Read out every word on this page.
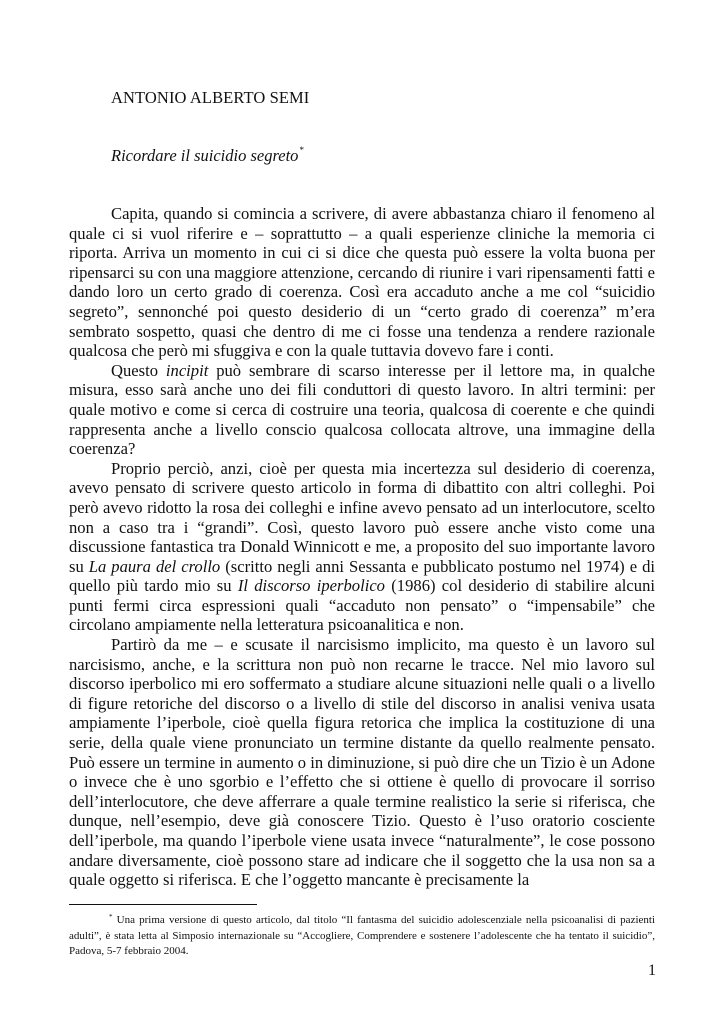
ANTONIO ALBERTO SEMI
Ricordare il suicidio segreto*

Capita, quando si comincia a scrivere, di avere abbastanza chiaro il fenomeno al quale ci si vuol riferire e – soprattutto – a quali esperienze cliniche la memoria ci riporta. Arriva un momento in cui ci si dice che questa può essere la volta buona per ripensarci su con una maggiore attenzione, cercando di riunire i vari ripensamenti fatti e dando loro un certo grado di coerenza. Così era accaduto anche a me col “suicidio segreto”, sennonché poi questo desiderio di un “certo grado di coerenza” m’era sembrato sospetto, quasi che dentro di me ci fosse una tendenza a rendere razionale qualcosa che però mi sfuggiva e con la quale tuttavia dovevo fare i conti.

Questo incipit può sembrare di scarso interesse per il lettore ma, in qualche misura, esso sarà anche uno dei fili conduttori di questo lavoro. In altri termini: per quale motivo e come si cerca di costruire una teoria, qualcosa di coerente e che quindi rappresenta anche a livello conscio qualcosa collocata altrove, una immagine della coerenza?

Proprio perciò, anzi, cioè per questa mia incertezza sul desiderio di coerenza, avevo pensato di scrivere questo articolo in forma di dibattito con altri colleghi. Poi però avevo ridotto la rosa dei colleghi e infine avevo pensato ad un interlocutore, scelto non a caso tra i “grandi”. Così, questo lavoro può essere anche visto come una discussione fantastica tra Donald Winnicott e me, a proposito del suo importante lavoro su La paura del crollo (scritto negli anni Sessanta e pubblicato postumo nel 1974) e di quello più tardo mio su Il discorso iperbolico (1986) col desiderio di stabilire alcuni punti fermi circa espressioni quali “accaduto non pensato” o “impensabile” che circolano ampiamente nella letteratura psicoanalitica e non.

Partirò da me – e scusate il narcisismo implicito, ma questo è un lavoro sul narcisismo, anche, e la scrittura non può non recarne le tracce. Nel mio lavoro sul discorso iperbolico mi ero soffermato a studiare alcune situazioni nelle quali o a livello di figure retoriche del discorso o a livello di stile del discorso in analisi veniva usata ampiamente l’iperbole, cioè quella figura retorica che implica la costituzione di una serie, della quale viene pronunciato un termine distante da quello realmente pensato. Può essere un termine in aumento o in diminuzione, si può dire che un Tizio è un Adone o invece che è uno sgorbio e l’effetto che si ottiene è quello di provocare il sorriso dell’interlocutore, che deve afferrare a quale termine realistico la serie si riferisca, che dunque, nell’esempio, deve già conoscere Tizio. Questo è l’uso oratorio cosciente dell’iperbole, ma quando l’iperbole viene usata invece “naturalmente”, le cose possono andare diversamente, cioè possono stare ad indicare che il soggetto che la usa non sa a quale oggetto si riferisca. E che l’oggetto mancante è precisamente la

* Una prima versione di questo articolo, dal titolo “Il fantasma del suicidio adolescenziale nella psicoanalisi di pazienti adulti”, è stata letta al Simposio internazionale su “Accogliere, Comprendere e sostenere l’adolescente che ha tentato il suicidio”, Padova, 5-7 febbraio 2004.
1
